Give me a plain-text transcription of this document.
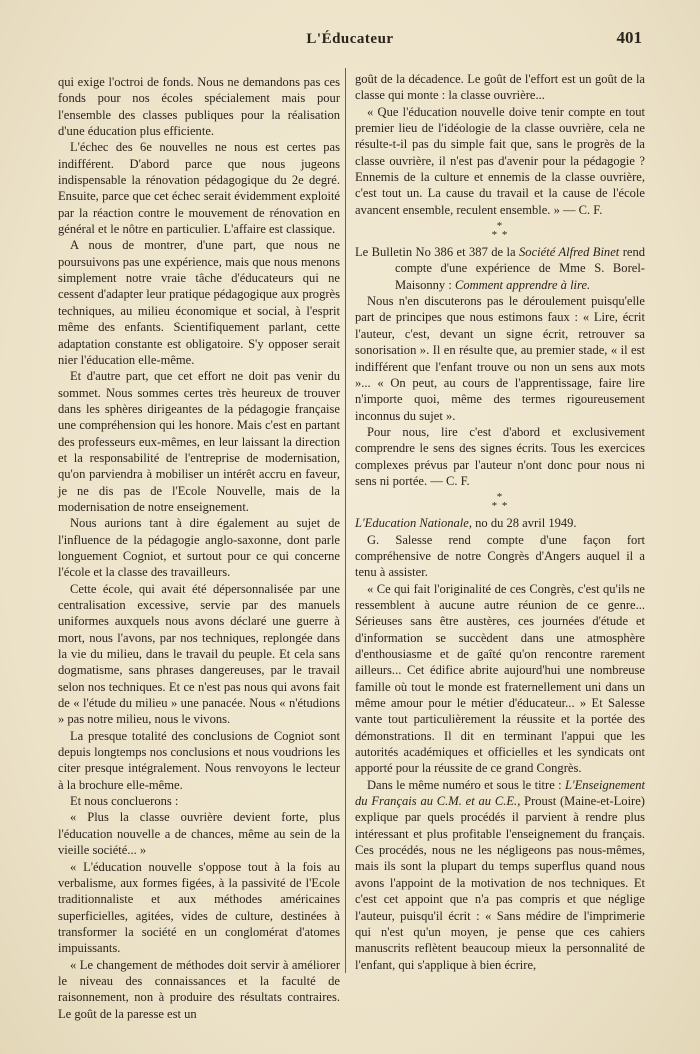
L'Éducateur	401

qui exige l'octroi de fonds. Nous ne demandons pas ces fonds pour nos écoles spécialement mais pour l'ensemble des classes publiques pour la réalisation d'une éducation plus efficiente.

L'échec des 6e nouvelles ne nous est certes pas indifférent. D'abord parce que nous jugeons indispensable la rénovation pédagogique du 2e degré. Ensuite, parce que cet échec serait évidemment exploité par la réaction contre le mouvement de rénovation en général et le nôtre en particulier. L'affaire est classique.

A nous de montrer, d'une part, que nous ne poursuivons pas une expérience, mais que nous menons simplement notre vraie tâche d'éducateurs qui ne cessent d'adapter leur pratique pédagogique aux progrès techniques, au milieu économique et social, à l'esprit même des enfants. Scientifiquement parlant, cette adaptation constante est obligatoire. S'y opposer serait nier l'éducation elle-même.

Et d'autre part, que cet effort ne doit pas venir du sommet. Nous sommes certes très heureux de trouver dans les sphères dirigeantes de la pédagogie française une compréhension qui les honore. Mais c'est en partant des professeurs eux-mêmes, en leur laissant la direction et la responsabilité de l'entreprise de modernisation, qu'on parviendra à mobiliser un intérêt accru en faveur, je ne dis pas de l'Ecole Nouvelle, mais de la modernisation de notre enseignement.

Nous aurions tant à dire également au sujet de l'influence de la pédagogie anglo-saxonne, dont parle longuement Cogniot, et surtout pour ce qui concerne l'école et la classe des travailleurs.

Cette école, qui avait été dépersonnalisée par une centralisation excessive, servie par des manuels uniformes auxquels nous avons déclaré une guerre à mort, nous l'avons, par nos techniques, replongée dans la vie du milieu, dans le travail du peuple. Et cela sans dogmatisme, sans phrases dangereuses, par le travail selon nos techniques. Et ce n'est pas nous qui avons fait de « l'étude du milieu » une panacée. Nous « n'étudions » pas notre milieu, nous le vivons.

La presque totalité des conclusions de Cogniot sont depuis longtemps nos conclusions et nous voudrions les citer presque intégralement. Nous renvoyons le lecteur à la brochure elle-même.

Et nous concluerons :

« Plus la classe ouvrière devient forte, plus l'éducation nouvelle a de chances, même au sein de la vieille société... »

« L'éducation nouvelle s'oppose tout à la fois au verbalisme, aux formes figées, à la passivité de l'Ecole traditionnaliste et aux méthodes américaines superficielles, agitées, vides de culture, destinées à transformer la société en un conglomérat d'atomes impuissants.

« Le changement de méthodes doit servir à améliorer le niveau des connaissances et la faculté de raisonnement, non à produire des résultats contraires. Le goût de la paresse est un

goût de la décadence. Le goût de l'effort est un goût de la classe qui monte : la classe ouvrière...

« Que l'éducation nouvelle doive tenir compte en tout premier lieu de l'idéologie de la classe ouvrière, cela ne résulte-t-il pas du simple fait que, sans le progrès de la classe ouvrière, il n'est pas d'avenir pour la pédagogie ? Ennemis de la culture et ennemis de la classe ouvrière, c'est tout un. La cause du travail et la cause de l'école avancent ensemble, reculent ensemble. » — C. F.

*
* *

Le Bulletin No 386 et 387 de la Société Alfred Binet rend compte d'une expérience de Mme S. Borel-Maisonny : Comment apprendre à lire.

Nous n'en discuterons pas le déroulement puisqu'elle part de principes que nous estimons faux : « Lire, écrit l'auteur, c'est, devant un signe écrit, retrouver sa sonorisation ». Il en résulte que, au premier stade, « il est indifférent que l'enfant trouve ou non un sens aux mots »... « On peut, au cours de l'apprentissage, faire lire n'importe quoi, même des termes rigoureusement inconnus du sujet ».

Pour nous, lire c'est d'abord et exclusivement comprendre le sens des signes écrits. Tous les exercices complexes prévus par l'auteur n'ont donc pour nous ni sens ni portée. — C. F.

*
* *

L'Education Nationale, no du 28 avril 1949.

G. Salesse rend compte d'une façon fort compréhensive de notre Congrès d'Angers auquel il a tenu à assister.

« Ce qui fait l'originalité de ces Congrès, c'est qu'ils ne ressemblent à aucune autre réunion de ce genre... Sérieuses sans être austères, ces journées d'étude et d'information se succèdent dans une atmosphère d'enthousiasme et de gaîté qu'on rencontre rarement ailleurs... Cet édifice abrite aujourd'hui une nombreuse famille où tout le monde est fraternellement uni dans un même amour pour le métier d'éducateur... » Et Salesse vante tout particulièrement la réussite et la portée des démonstrations. Il dit en terminant l'appui que les autorités académiques et officielles et les syndicats ont apporté pour la réussite de ce grand Congrès.

Dans le même numéro et sous le titre : L'Enseignement du Français au C.M. et au C.E., Proust (Maine-et-Loire) explique par quels procédés il parvient à rendre plus intéressant et plus profitable l'enseignement du français. Ces procédés, nous ne les négligeons pas nous-mêmes, mais ils sont la plupart du temps superflus quand nous avons l'appoint de la motivation de nos techniques. Et c'est cet appoint que n'a pas compris et que néglige l'auteur, puisqu'il écrit : « Sans médire de l'imprimerie qui n'est qu'un moyen, je pense que ces cahiers manuscrits reflètent beaucoup mieux la personnalité de l'enfant, qui s'applique à bien écrire,
